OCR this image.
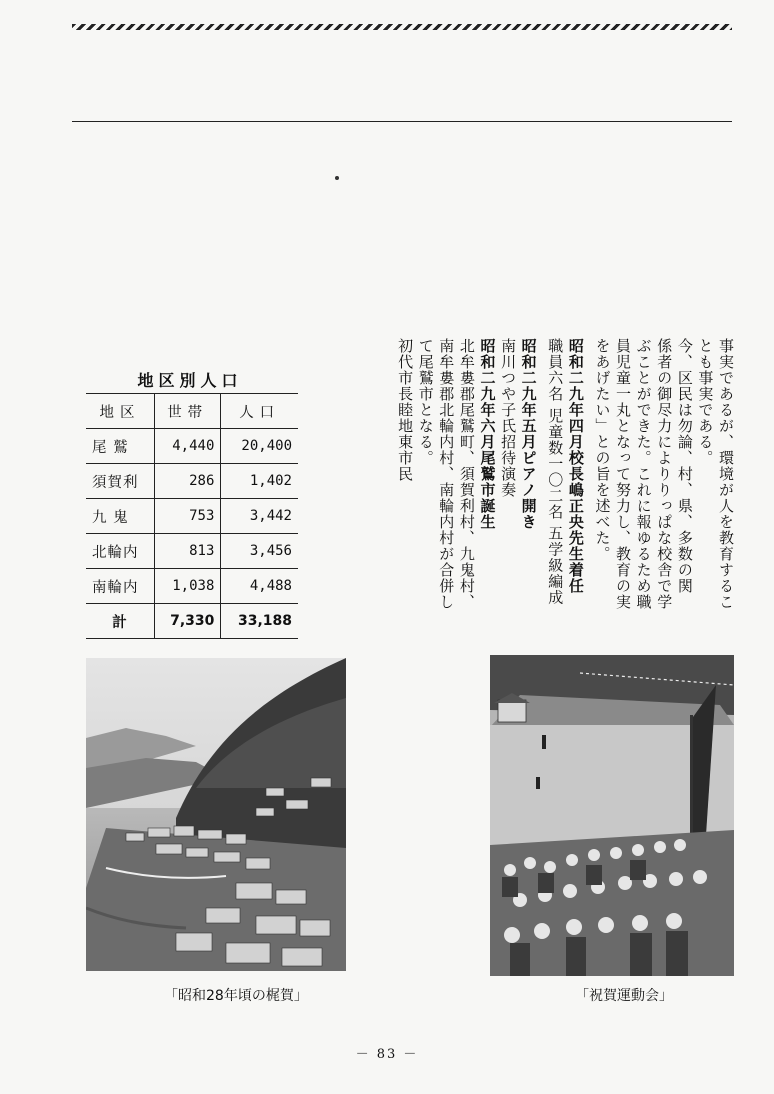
事実であるが、環境が人を教育するこ

とも事実である。

今、区民は勿論、村、県、多数の関

係者の御尽力によりりっぱな校舎で学

ぶことができた。これに報ゆるため職

員児童一丸となって努力し、教育の実

をあげたい」との旨を述べた。

昭和二九年四月校長嶋正央先生着任

職員六名 児童数一〇二名 五学級編成

昭和二九年五月ピアノ開き

南川つや子氏招待演奏

昭和二九年六月尾鷲市誕生

北牟婁郡尾鷲町、須賀利村、九鬼村、

南牟婁郡北輪内村、南輪内村が合併し

て尾鷲市となる。

初代市長睦地東市民

地区別人口
地区	世帯	人口
尾 鷲	4,440	20,400
須賀利	286	1,402
九 鬼	753	3,442
北輪内	813	3,456
南輪内	1,038	4,488
計	7,330	33,188
「昭和28年頃の梶賀」	「祝賀運動会」
－ 83 －
